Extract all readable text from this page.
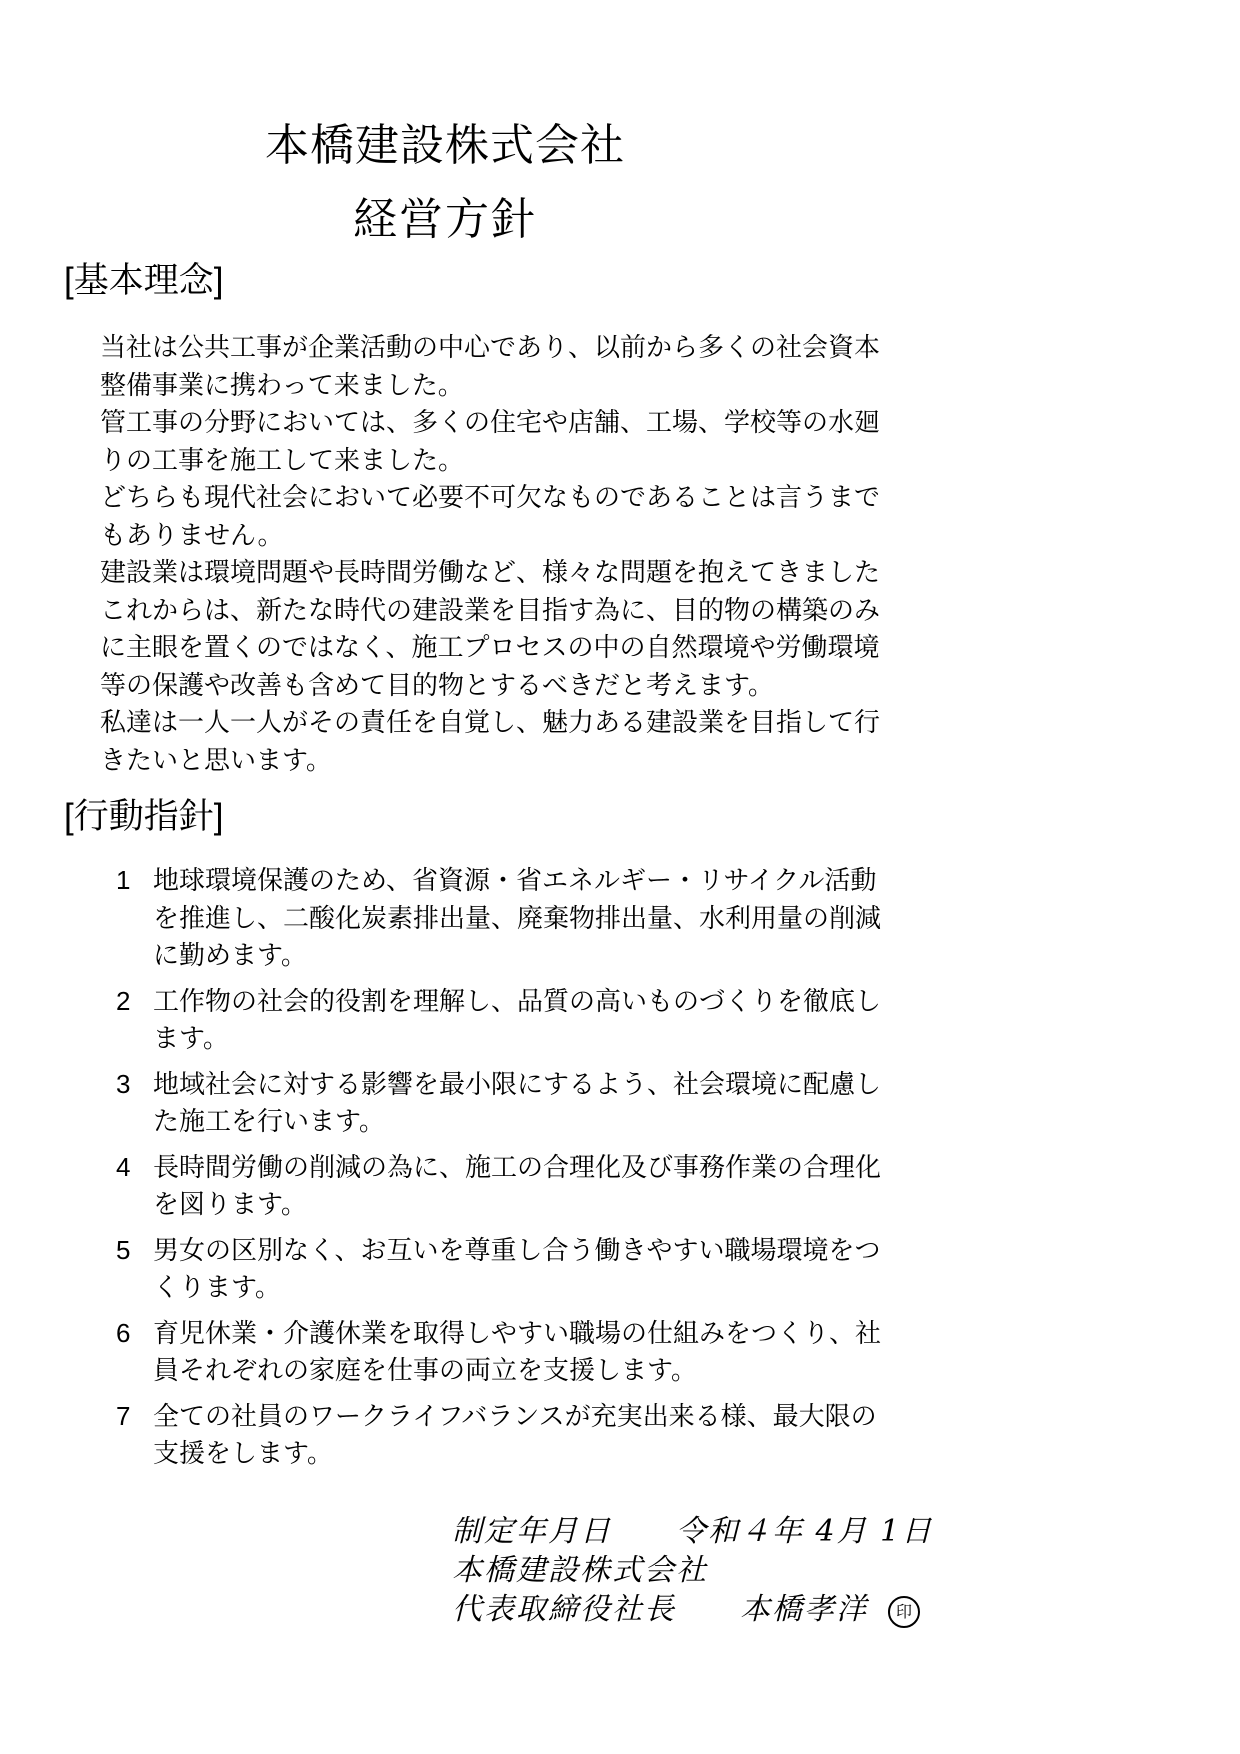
本橋建設株式会社
経営方針
[基本理念]
当社は公共工事が企業活動の中心であり、以前から多くの社会資本
整備事業に携わって来ました。
管工事の分野においては、多くの住宅や店舗、工場、学校等の水廻
りの工事を施工して来ました。
どちらも現代社会において必要不可欠なものであることは言うまで
もありません。
建設業は環境問題や長時間労働など、様々な問題を抱えてきました
これからは、新たな時代の建設業を目指す為に、目的物の構築のみ
に主眼を置くのではなく、施工プロセスの中の自然環境や労働環境
等の保護や改善も含めて目的物とするべきだと考えます。
私達は一人一人がその責任を自覚し、魅力ある建設業を目指して行
きたいと思います。
[行動指針]
1 地球環境保護のため、省資源・省エネルギー・リサイクル活動
を推進し、二酸化炭素排出量、廃棄物排出量、水利用量の削減
に勤めます。
2 工作物の社会的役割を理解し、品質の高いものづくりを徹底し
ます。
3 地域社会に対する影響を最小限にするよう、社会環境に配慮し
た施工を行います。
4 長時間労働の削減の為に、施工の合理化及び事務作業の合理化
を図ります。
5 男女の区別なく、お互いを尊重し合う働きやすい職場環境をつ
くります。
6 育児休業・介護休業を取得しやすい職場の仕組みをつくり、社
員それぞれの家庭を仕事の両立を支援します。
7 全ての社員のワークライフバランスが充実出来る様、最大限の
支援をします。
制定年月日　　令和４年 4月 1日
本橋建設株式会社
代表取締役社長　　本橋孝洋 印
